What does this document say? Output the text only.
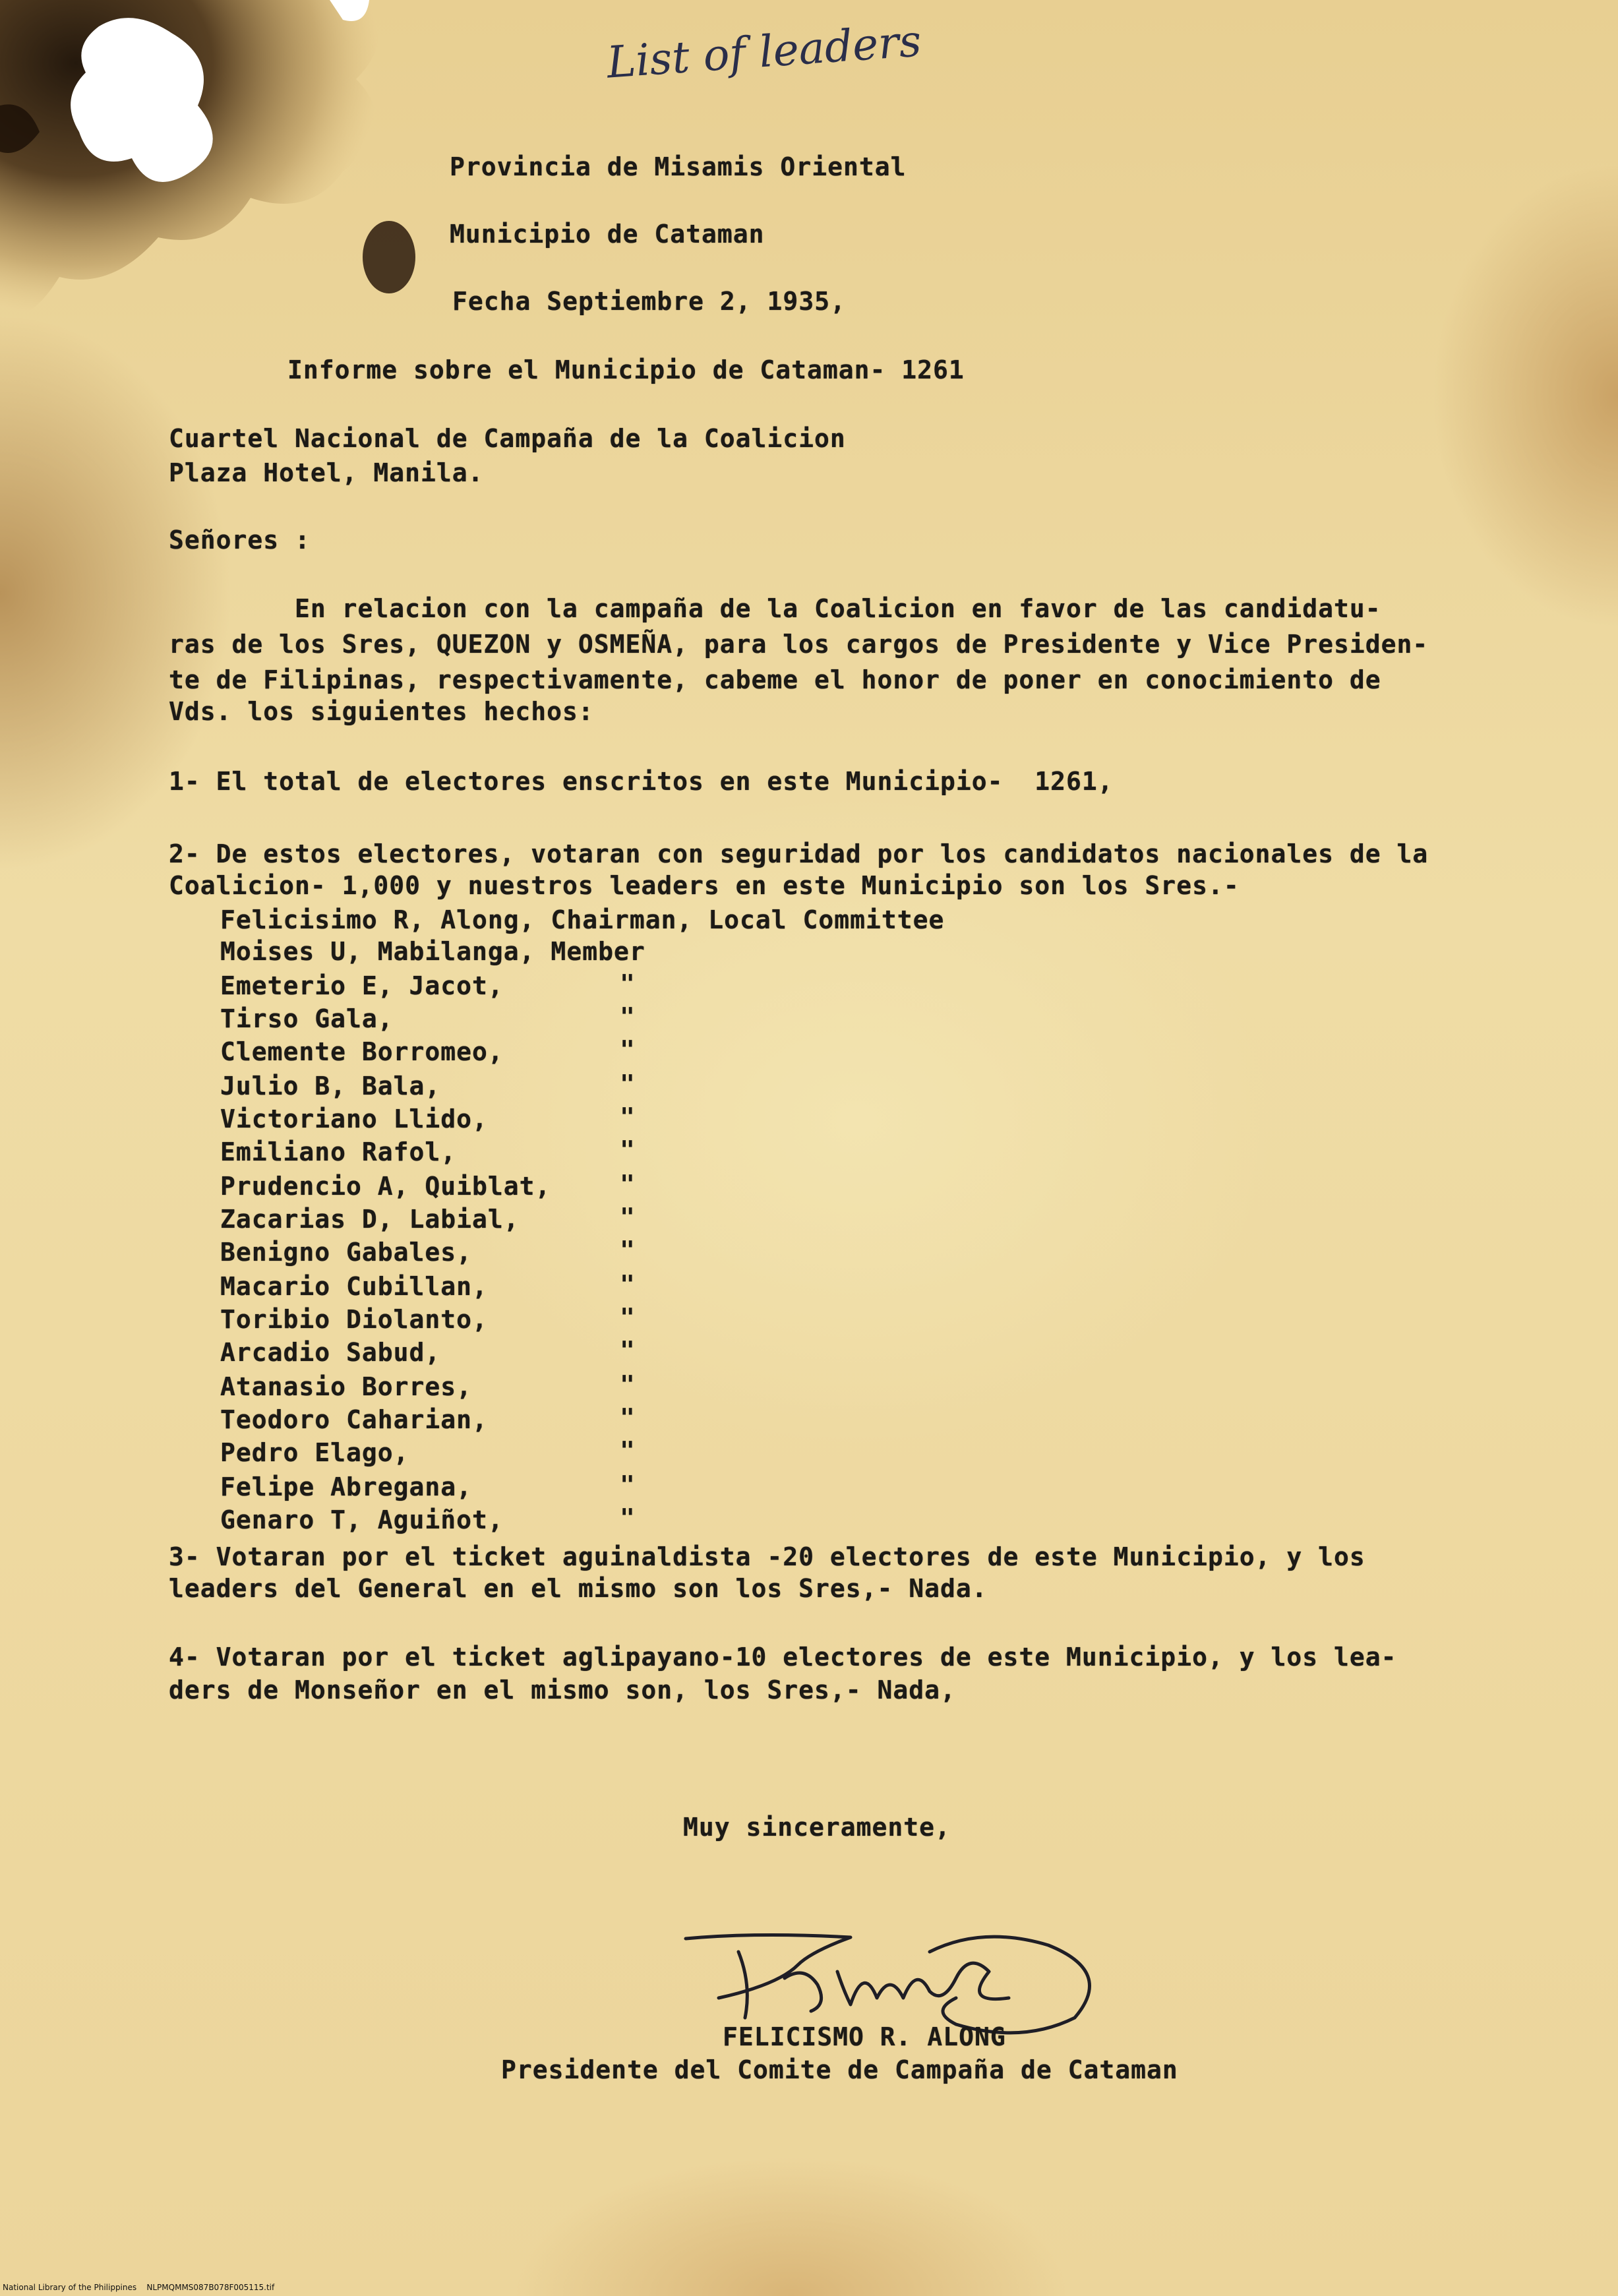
List of leaders
Provincia de Misamis Oriental
Municipio de Cataman
Fecha Septiembre 2, 1935,
Informe sobre el Municipio de Cataman- 1261
Cuartel Nacional de Campaña de la Coalicion
Plaza Hotel, Manila.
Señores :
En relacion con la campaña de la Coalicion en favor de las candidatu-
ras de los Sres, QUEZON y OSMEÑA, para los cargos de Presidente y Vice Presiden-
te de Filipinas, respectivamente, cabeme el honor de poner en conocimiento de
Vds. los siguientes hechos:
1- El total de electores enscritos en este Municipio-  1261,
2- De estos electores, votaran con seguridad por los candidatos nacionales de la
Coalicion- 1,000 y nuestros leaders en este Municipio son los Sres.-
Felicisimo R, Along, Chairman, Local Committee
Moises U, Mabilanga, Member
Emeterio E, Jacot,	"
Tirso Gala,	"
Clemente Borromeo,	"
Julio B, Bala,	"
Victoriano Llido,	"
Emiliano Rafol,	"
Prudencio A, Quiblat,	"
Zacarias D, Labial,	"
Benigno Gabales,	"
Macario Cubillan,	"
Toribio Diolanto,	"
Arcadio Sabud,	"
Atanasio Borres,	"
Teodoro Caharian,	"
Pedro Elago,	"
Felipe Abregana,	"
Genaro T, Aguiñot,	"
3- Votaran por el ticket aguinaldista -20 electores de este Municipio, y los
leaders del General en el mismo son los Sres,- Nada.
4- Votaran por el ticket aglipayano-10 electores de este Municipio, y los lea-
ders de Monseñor en el mismo son, los Sres,- Nada,
Muy sinceramente,
FELICISMO R. ALONG
Presidente del Comite de Campaña de Cataman
National Library of the Philippines    NLPMQMMS087B078F005115.tif
